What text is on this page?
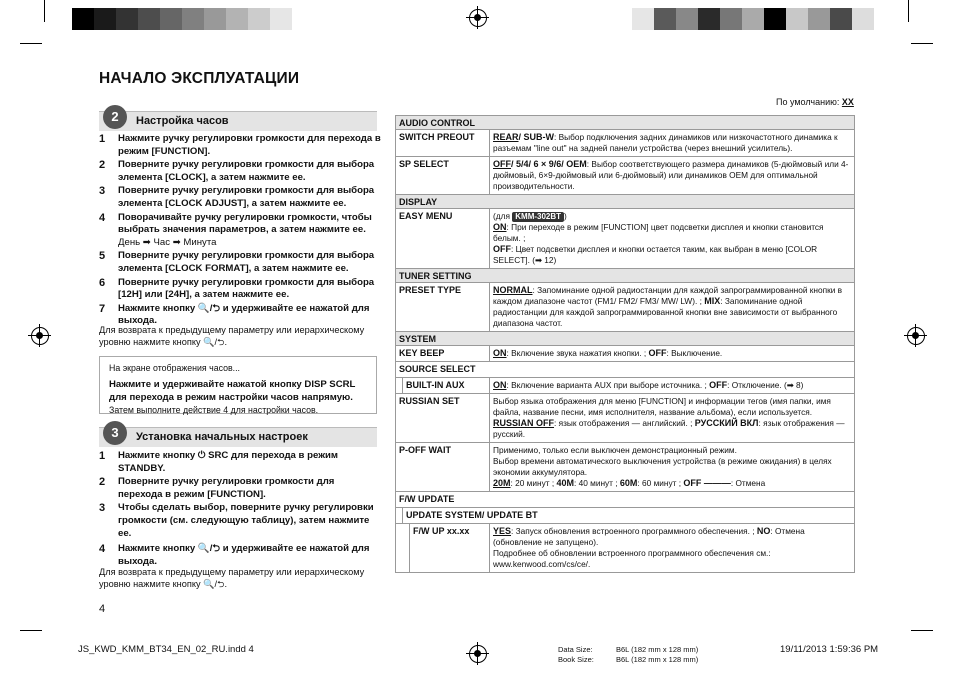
НАЧАЛО ЭКСПЛУАТАЦИИ
2	Настройка часов
1	Нажмите ручку регулировки громкости для перехода в режим [FUNCTION].
2	Поверните ручку регулировки громкости для выбора элемента [CLOCK], а затем нажмите ее.
3	Поверните ручку регулировки громкости для выбора элемента [CLOCK ADJUST], а затем нажмите ее.
4	Поворачивайте ручку регулировки громкости, чтобы выбрать значения параметров, а затем нажмите ее.
День ➡ Час ➡ Минута
5	Поверните ручку регулировки громкости для выбора элемента [CLOCK FORMAT], а затем нажмите ее.
6	Поверните ручку регулировки громкости для выбора [12H] или [24H], а затем нажмите ее.
7	Нажмите кнопку 🔍/⮌ и удерживайте ее нажатой для выхода.
Для возврата к предыдущему параметру или иерархическому уровню нажмите кнопку 🔍/⮌.
На экране отображения часов...
Нажмите и удерживайте нажатой кнопку DISP SCRL для перехода в режим настройки часов напрямую.
Затем выполните действие 4 для настройки часов.
3	Установка начальных настроек
1	Нажмите кнопку ⏻ SRC для перехода в режим STANDBY.
2	Поверните ручку регулировки громкости для перехода в режим [FUNCTION].
3	Чтобы сделать выбор, поверните ручку регулировки громкости (см. следующую таблицу), затем нажмите ее.
4	Нажмите кнопку 🔍/⮌ и удерживайте ее нажатой для выхода.
Для возврата к предыдущему параметру или иерархическому уровню нажмите кнопку 🔍/⮌.
4
По умолчанию: XX
AUDIO CONTROL
SWITCH PREOUT	REAR/ SUB-W: Выбор подключения задних динамиков или низкочастотного динамика к разъемам "line out" на задней панели устройства (через внешний усилитель).
SP SELECT	OFF/ 5/4/ 6 × 9/6/ OEM: Выбор соответствующего размера динамиков (5-дюймовый или 4-дюймовый, 6×9-дюймовый или 6-дюймовый) или динамиков OEM для оптимальной производительности.
DISPLAY
EASY MENU	(для KMM-302BT )
ON: При переходе в режим [FUNCTION] цвет подсветки дисплея и кнопки становится белым. ;
OFF: Цвет подсветки дисплея и кнопки остается таким, как выбран в меню [COLOR SELECT]. (➡ 12)
TUNER SETTING
PRESET TYPE	NORMAL: Запоминание одной радиостанции для каждой запрограммированной кнопки в каждом диапазоне частот (FM1/ FM2/ FM3/ MW/ LW). ; MIX: Запоминание одной радиостанции для каждой запрограммированной кнопки вне зависимости от выбранного диапазона частот.
SYSTEM
KEY BEEP	ON: Включение звука нажатия кнопки. ; OFF: Выключение.
SOURCE SELECT
BUILT-IN AUX	ON: Включение варианта AUX при выборе источника. ; OFF: Отключение. (➡ 8)
RUSSIAN SET	Выбор языка отображения для меню [FUNCTION] и информации тегов (имя папки, имя файла, название песни, имя исполнителя, название альбома), если используется.
RUSSIAN OFF: язык отображения — английский. ; РУССКИЙ ВКЛ: язык отображения — русский.
P-OFF WAIT	Применимо, только если выключен демонстрационный режим.
Выбор времени автоматического выключения устройства (в режиме ожидания) в целях экономии аккумулятора.
20M: 20 минут ; 40M: 40 минут ; 60M: 60 минут ; OFF ———: Отмена
F/W UPDATE
UPDATE SYSTEM/ UPDATE BT
F/W UP xx.xx	YES: Запуск обновления встроенного программного обеспечения. ; NO: Отмена (обновление не запущено).
Подробнее об обновлении встроенного программного обеспечения см.: www.kenwood.com/cs/ce/.
JS_KWD_KMM_BT34_EN_02_RU.indd 4	Data Size:
Book Size:
B6L (182 mm x 128 mm)
B6L (182 mm x 128 mm)
19/11/2013 1:59:36 PM
